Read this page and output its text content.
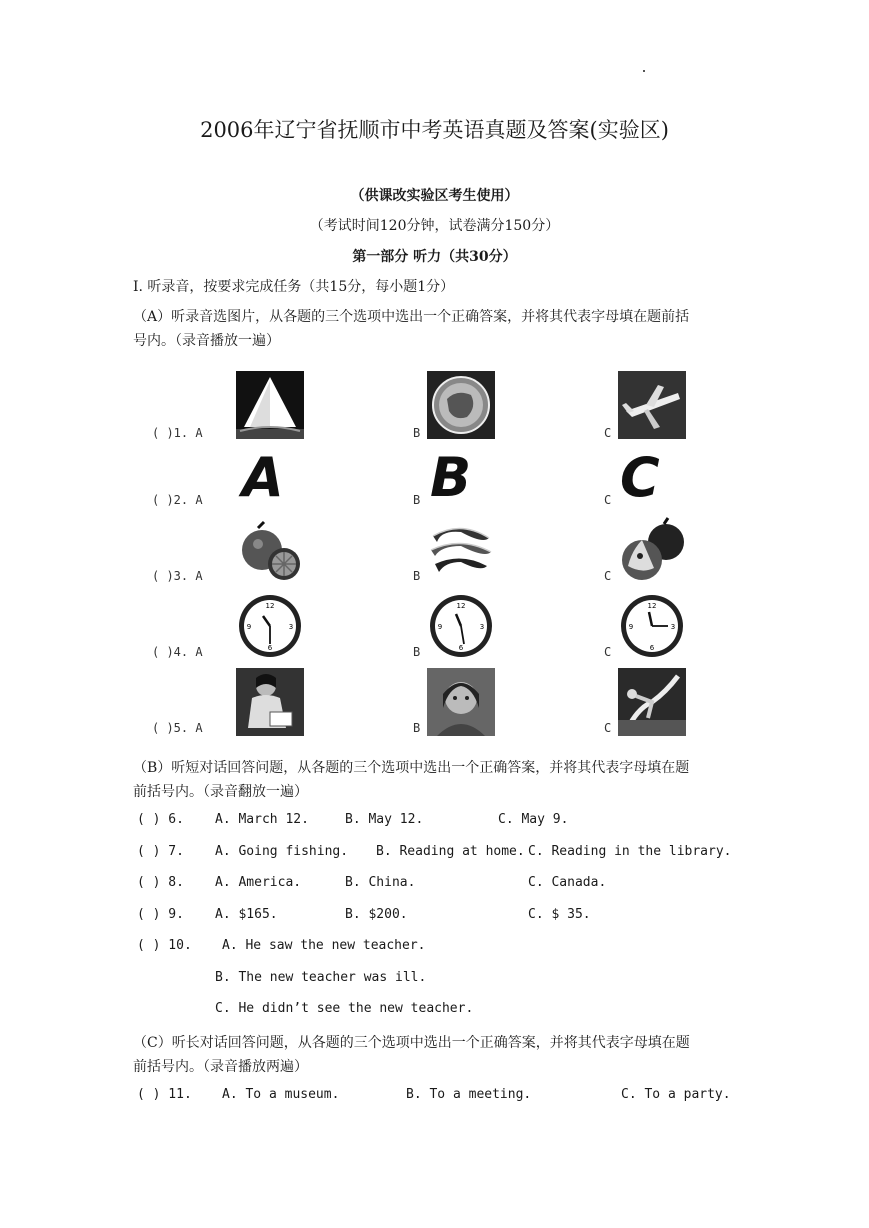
2006年辽宁省抚顺市中考英语真题及答案(实验区)
（供课改实验区考生使用）
（考试时间120分钟，试卷满分150分）
第一部分 听力（共30分）
I. 听录音，按要求完成任务（共15分，每小题1分）
（A）听录音选图片，从各题的三个选项中选出一个正确答案，并将其代表字母填在题前括
号内。（录音播放一遍）
( )1. A	B	C
( )2. A	B	C
A	B	C
( )3. A	B	C
( )4. A	B	C
12
3
6
9
12
3
6
9
12
3
6
9
( )5. A	B	C
（B）听短对话回答问题，从各题的三个选项中选出一个正确答案，并将其代表字母填在题
前括号内。（录音翻放一遍）
( ) 6. A. March 12.	B. May 12.	C. May 9.
( ) 7. A. Going fishing. B. Reading at home. C. Reading in the library.
( ) 8. A. America.	B. China.	C. Canada.
( ) 9. A. $165.	B. $200.	C. $ 35.
( ) 10. A. He saw the new teacher.
B. The new teacher was ill.
C. He didn’t see the new teacher.
（C）听长对话回答问题，从各题的三个选项中选出一个正确答案，并将其代表字母填在题
前括号内。（录音播放两遍）
( ) 11. A. To a museum.	B. To a meeting.	C. To a party.
